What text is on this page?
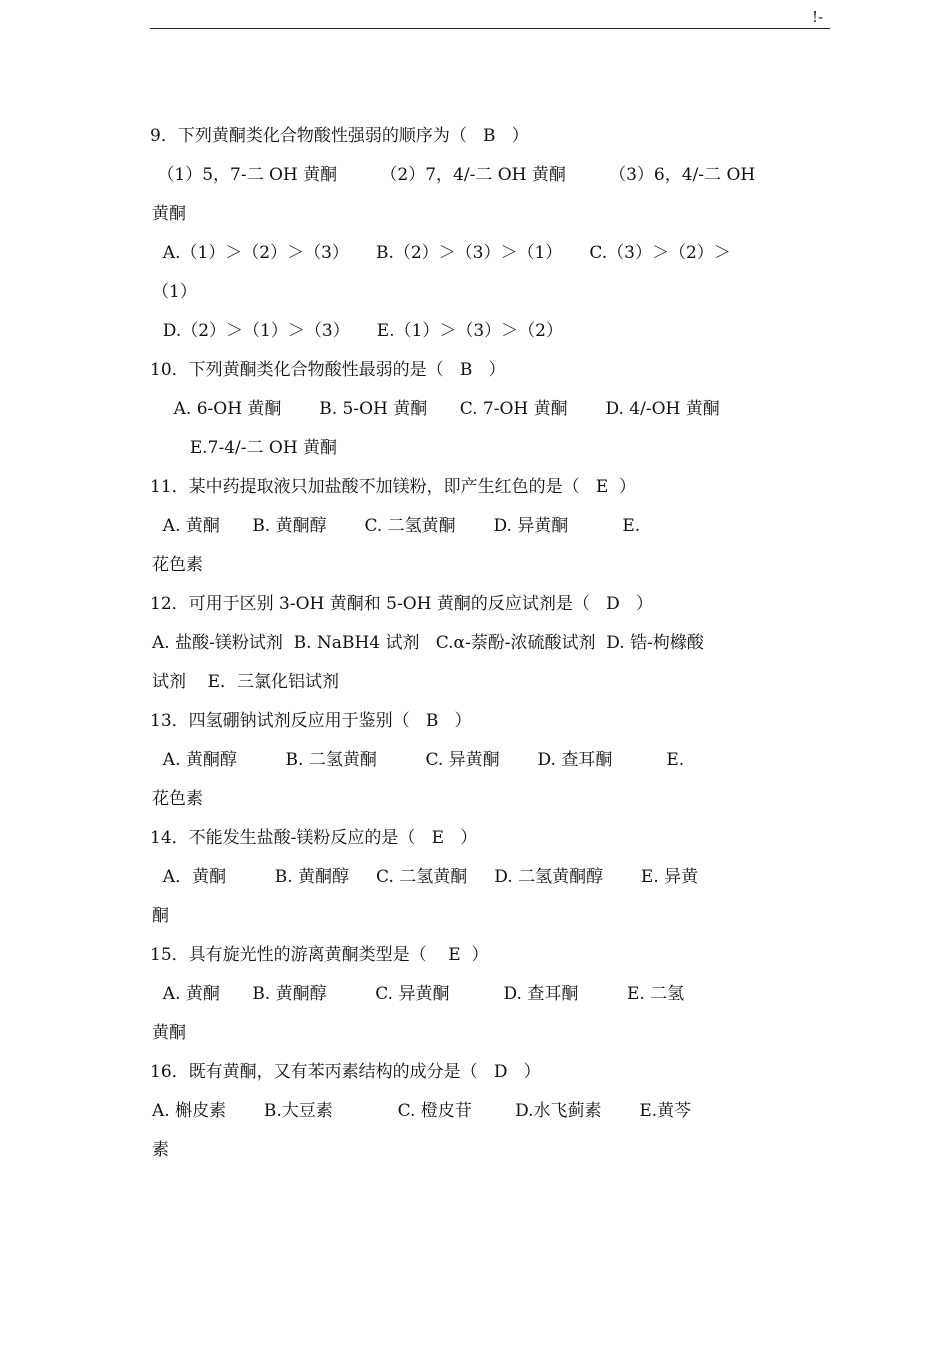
!-
9．下列黄酮类化合物酸性强弱的顺序为（   B   ）
（1）5，7-二 OH 黄酮        （2）7，4/-二 OH 黄酮        （3）6，4/-二 OH
黄酮
A.（1）＞（2）＞（3）     B.（2）＞（3）＞（1）     C.（3）＞（2）＞
（1）
D.（2）＞（1）＞（3）     E.（1）＞（3）＞（2）
10．下列黄酮类化合物酸性最弱的是（   B   ）
A. 6-OH 黄酮       B. 5-OH 黄酮      C. 7-OH 黄酮       D. 4/-OH 黄酮
E.7-4/-二 OH 黄酮
11．某中药提取液只加盐酸不加镁粉，即产生红色的是（   E  ）
A. 黄酮      B. 黄酮醇       C. 二氢黄酮       D. 异黄酮          E.
花色素
12．可用于区别 3-OH 黄酮和 5-OH 黄酮的反应试剂是（   D   ）
A. 盐酸-镁粉试剂  B. NaBH4 试剂   C.α-萘酚-浓硫酸试剂  D. 锆-枸橼酸
试剂    E．三氯化铝试剂
13．四氢硼钠试剂反应用于鉴别（   B   ）
A. 黄酮醇         B. 二氢黄酮         C. 异黄酮       D. 查耳酮          E.
花色素
14．不能发生盐酸-镁粉反应的是（   E   ）
A．黄酮         B. 黄酮醇     C. 二氢黄酮     D. 二氢黄酮醇       E. 异黄
酮
15．具有旋光性的游离黄酮类型是（    E  ）
A. 黄酮      B. 黄酮醇         C. 异黄酮          D. 查耳酮         E. 二氢
黄酮
16．既有黄酮，又有苯丙素结构的成分是（   D   ）
A. 槲皮素       B.大豆素            C. 橙皮苷        D.水飞蓟素       E.黄芩
素
